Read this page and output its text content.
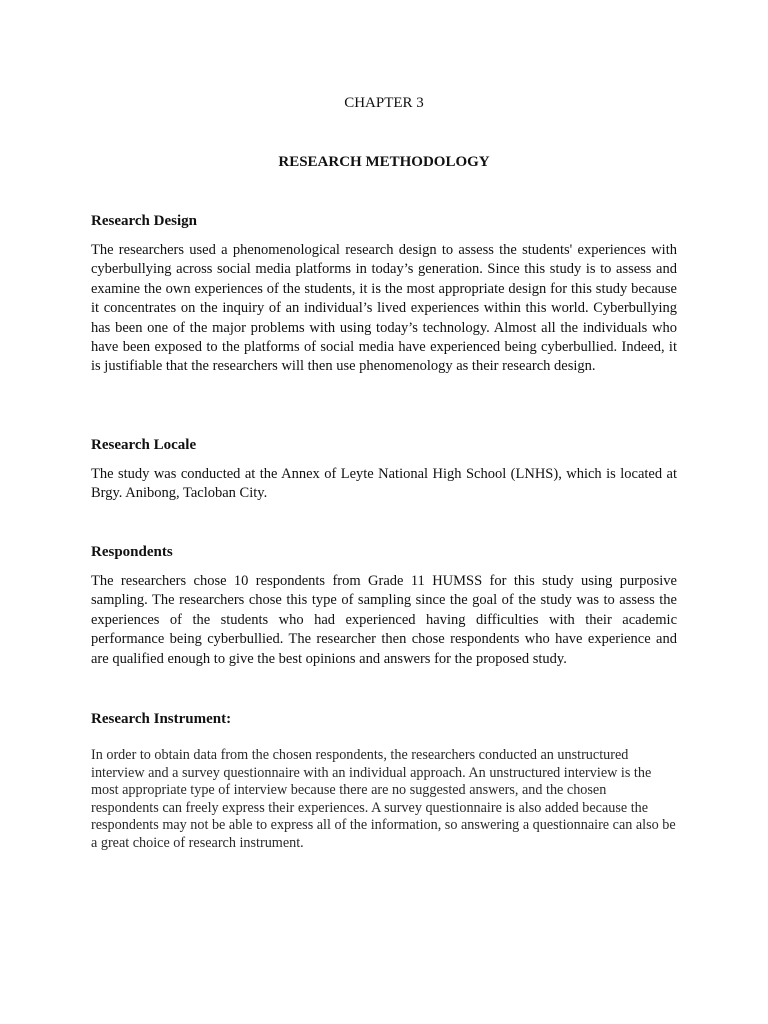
CHAPTER 3
RESEARCH METHODOLOGY

Research Design

The researchers used a phenomenological research design to assess the students' experiences with cyberbullying across social media platforms in today’s generation. Since this study is to assess and examine the own experiences of the students, it is the most appropriate design for this study because it concentrates on the inquiry of an individual’s lived experiences within this world. Cyberbullying has been one of the major problems with using today’s technology. Almost all the individuals who have been exposed to the platforms of social media have experienced being cyberbullied. Indeed, it is justifiable that the researchers will then use phenomenology as their research design.

Research Locale

The study was conducted at the Annex of Leyte National High School (LNHS), which is located at Brgy. Anibong, Tacloban City.

Respondents

The researchers chose 10 respondents from Grade 11 HUMSS for this study using purposive sampling. The researchers chose this type of sampling since the goal of the study was to assess the experiences of the students who had experienced having difficulties with their academic performance being cyberbullied. The researcher then chose respondents who have experience and are qualified enough to give the best opinions and answers for the proposed study.

Research Instrument:

In order to obtain data from the chosen respondents, the researchers conducted an unstructured interview and a survey questionnaire with an individual approach. An unstructured interview is the most appropriate type of interview because there are no suggested answers, and the chosen respondents can freely express their experiences. A survey questionnaire is also added because the respondents may not be able to express all of the information, so answering a questionnaire can also be a great choice of research instrument.
